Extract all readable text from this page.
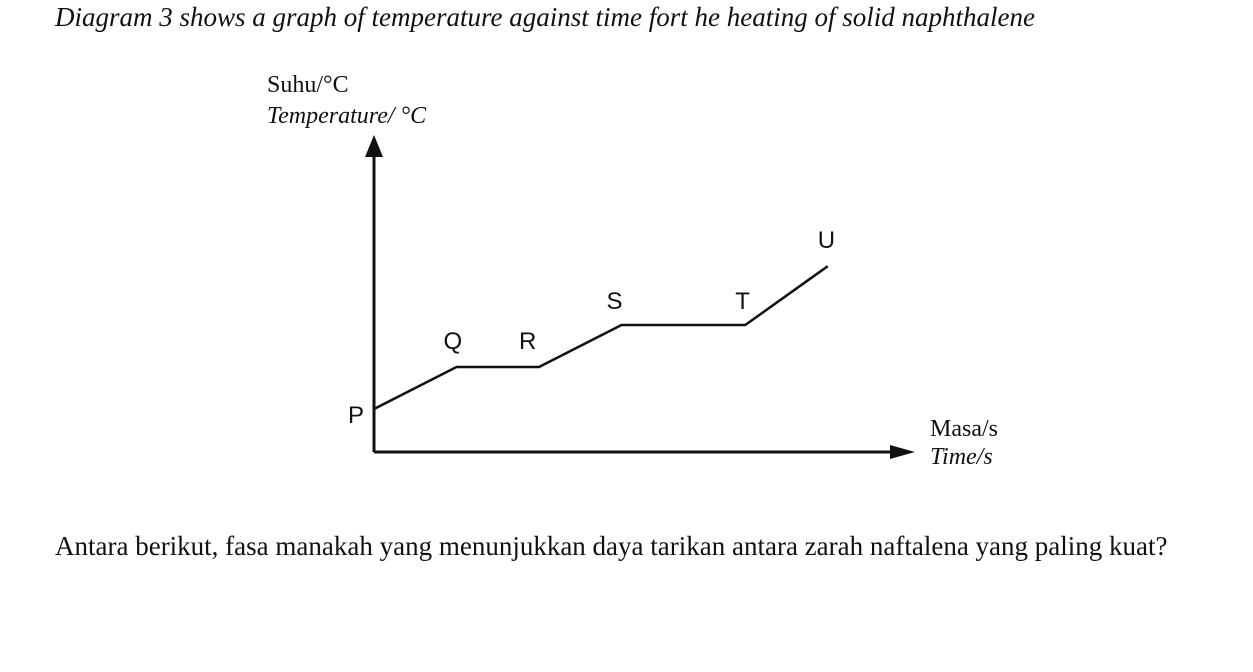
Diagram 3 shows a graph of temperature against time fort he heating of solid naphthalene
Suhu/°C
Temperature/ °C
Masa/s
Time/s
P
Q R
S	T
U
Antara berikut, fasa manakah yang menunjukkan daya tarikan antara zarah naftalena yang paling kuat?
